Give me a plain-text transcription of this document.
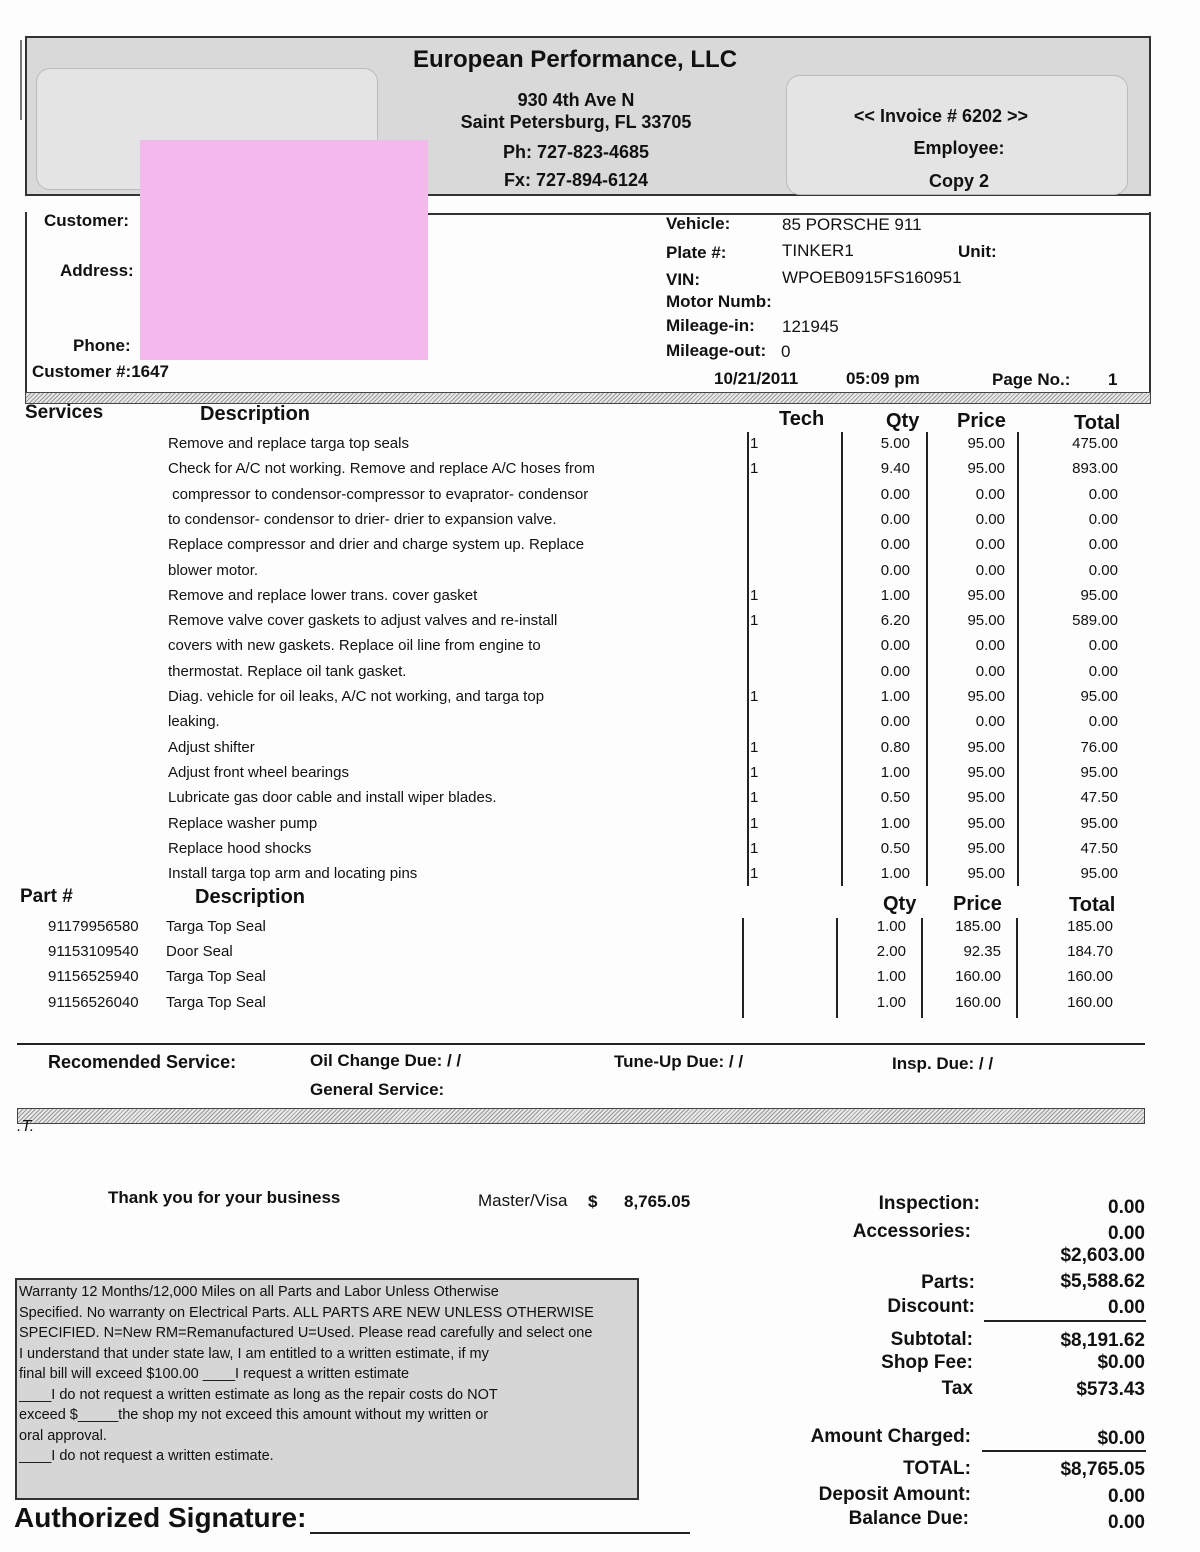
European Performance, LLC
930 4th Ave N
Saint Petersburg, FL 33705
Ph: 727-823-4685
Fx: 727-894-6124
<< Invoice # 6202 >>
Employee:
Copy 2
Customer:
Address:
Phone:
Customer #:1647
Vehicle:	85 PORSCHE 911
Plate #:	TINKER1	Unit:
VIN:	WPOEB0915FS160951
Motor Numb:
Mileage-in: 121945
Mileage-out: 0
10/21/2011	05:09 pm	Page No.: 1
Services	Description	Tech	Qty Price	Total
Remove and replace targa top seals	1	5.00	95.00	475.00
Check for A/C not working. Remove and replace A/C hoses from	1	9.40	95.00	893.00
compressor to condensor-compressor to evaprator- condensor	0.00	0.00	0.00
to condensor- condensor to drier- drier to expansion valve.	0.00	0.00	0.00
Replace compressor and drier and charge system up. Replace	0.00	0.00	0.00
blower motor.	0.00	0.00	0.00
Remove and replace lower trans. cover gasket	1	1.00	95.00	95.00
Remove valve cover gaskets to adjust valves and re-install	1	6.20	95.00	589.00
covers with new gaskets. Replace oil line from engine to	0.00	0.00	0.00
thermostat. Replace oil tank gasket.	0.00	0.00	0.00
Diag. vehicle for oil leaks, A/C not working, and targa top	1	1.00	95.00	95.00
leaking.	0.00	0.00	0.00
Adjust shifter	1	0.80	95.00	76.00
Adjust front wheel bearings	1	1.00	95.00	95.00
Lubricate gas door cable and install wiper blades.	1	0.50	95.00	47.50
Replace washer pump	1	1.00	95.00	95.00
Replace hood shocks	1	0.50	95.00	47.50
Install targa top arm and locating pins	1	1.00	95.00	95.00
Part #	Description	Qty Price	Total
91179956580 Targa Top Seal	1.00	185.00	185.00
91153109540 Door Seal	2.00	92.35	184.70
91156525940 Targa Top Seal	1.00	160.00	160.00
91156526040 Targa Top Seal	1.00	160.00	160.00
Recomended Service:	Oil Change Due: / /	Tune-Up Due: / /	Insp. Due: / /
General Service:
.T.
Thank you for your business	Master/Visa $ 8,765.05
Warranty 12 Months/12,000 Miles on all Parts and Labor Unless Otherwise
Specified. No warranty on Electrical Parts. ALL PARTS ARE NEW UNLESS OTHERWISE
SPECIFIED. N=New RM=Remanufactured U=Used. Please read carefully and select one
I understand that under state law, I am entitled to a written estimate, if my
final bill will exceed $100.00 ____I request a written estimate
____I do not request a written estimate as long as the repair costs do NOT
exceed $_____the shop my not exceed this amount without my written or
oral approval.
____I do not request a written estimate.
Authorized Signature:
Inspection:	0.00
Accessories:	0.00
$2,603.00
Parts:	$5,588.62
Discount:	0.00
Subtotal:	$8,191.62
Shop Fee:	$0.00
Tax	$573.43
Amount Charged:	$0.00
TOTAL:	$8,765.05
Deposit Amount:	0.00
Balance Due:	0.00
